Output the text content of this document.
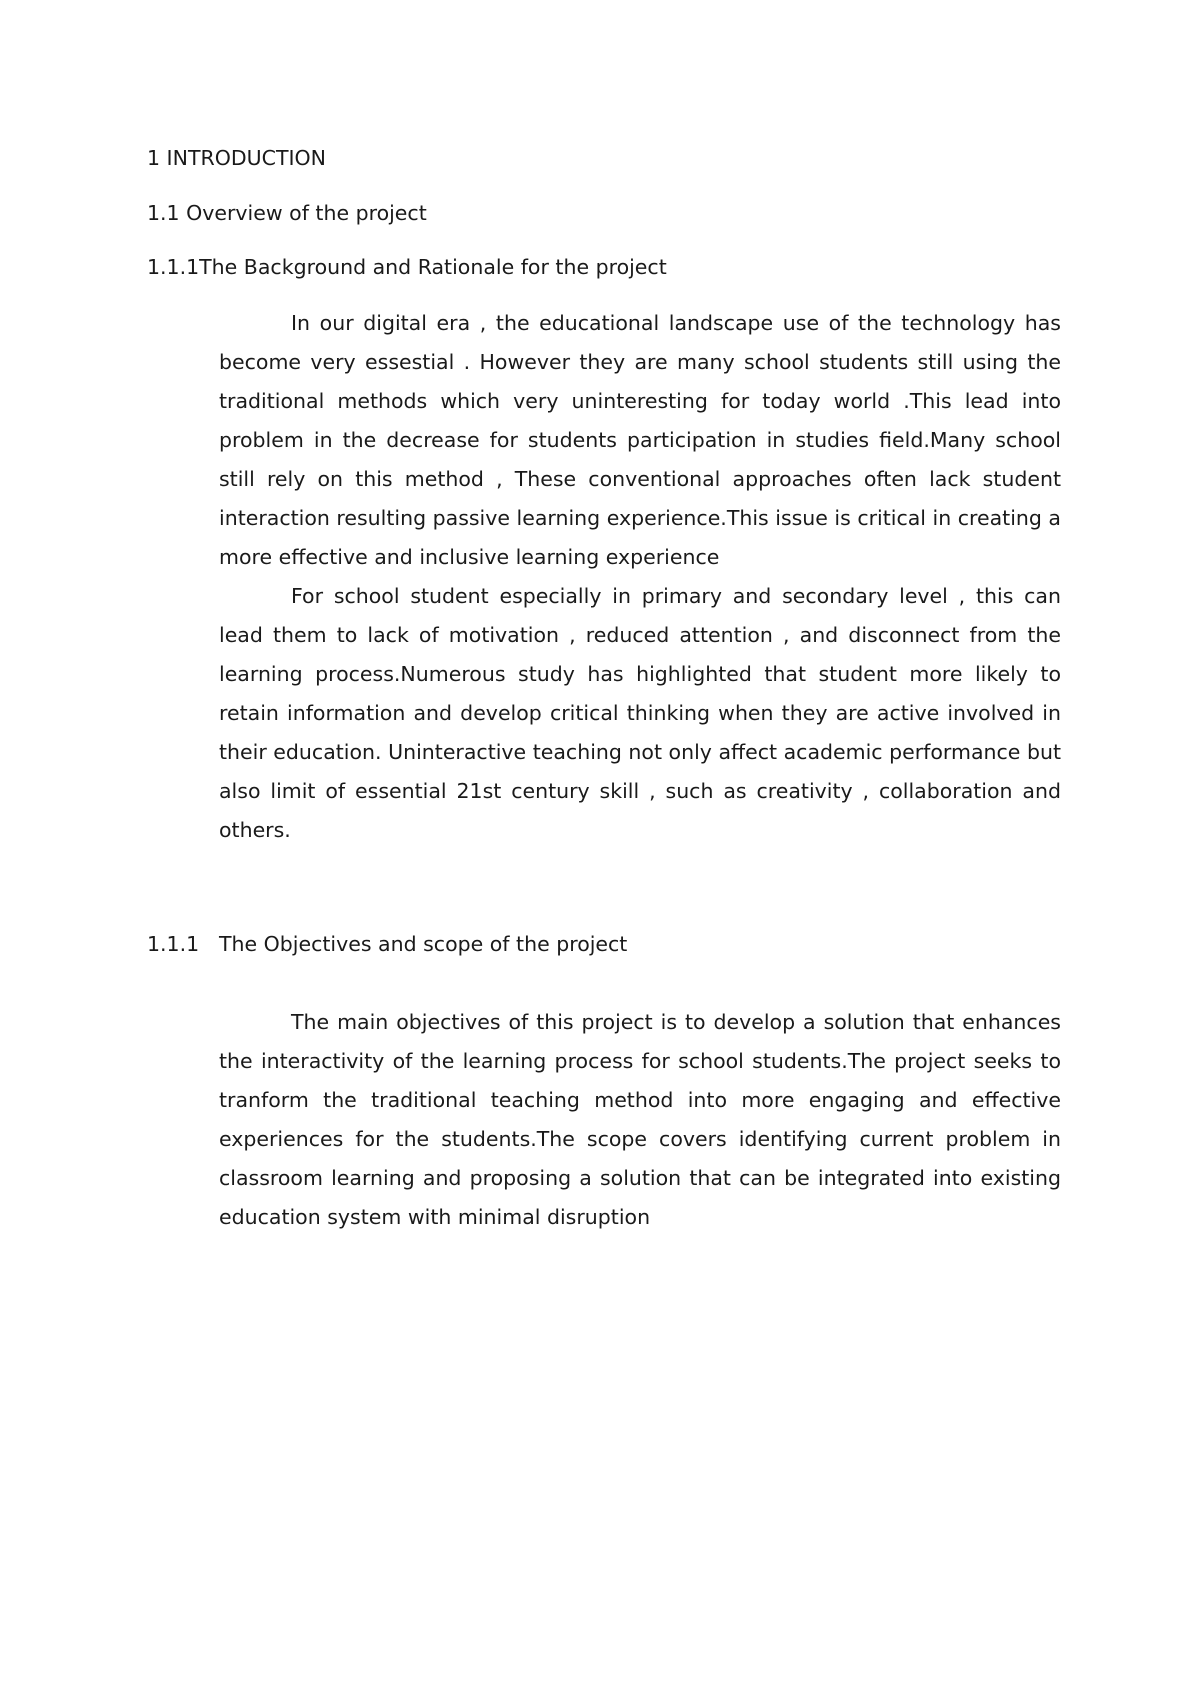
1 INTRODUCTION
1.1 Overview of the project
1.1.1The Background and Rationale for the project

In our digital era , the educational landscape use of the technology has become very essestial . However they are many school students still using the traditional methods which very uninteresting for today world .This lead into problem in the decrease for students participation in studies field.Many school still rely on this method , These conventional approaches often lack student interaction resulting passive learning experience.This issue is critical in creating a more effective and inclusive learning experience

For school student especially in primary and secondary level , this can lead them to lack of motivation , reduced attention , and disconnect from the learning process.Numerous study has highlighted that student more likely to retain information and develop critical thinking when they are active involved in their education. Uninteractive teaching not only affect academic performance but also limit of essential 21st century skill , such as creativity , collaboration and others.

1.1.1 The Objectives and scope of the project

The main objectives of this project is to develop a solution that enhances the interactivity of the learning process for school students.The project seeks to tranform the traditional teaching method into more engaging and effective experiences for the students.The scope covers identifying current problem in classroom learning and proposing a solution that can be integrated into existing education system with minimal disruption
